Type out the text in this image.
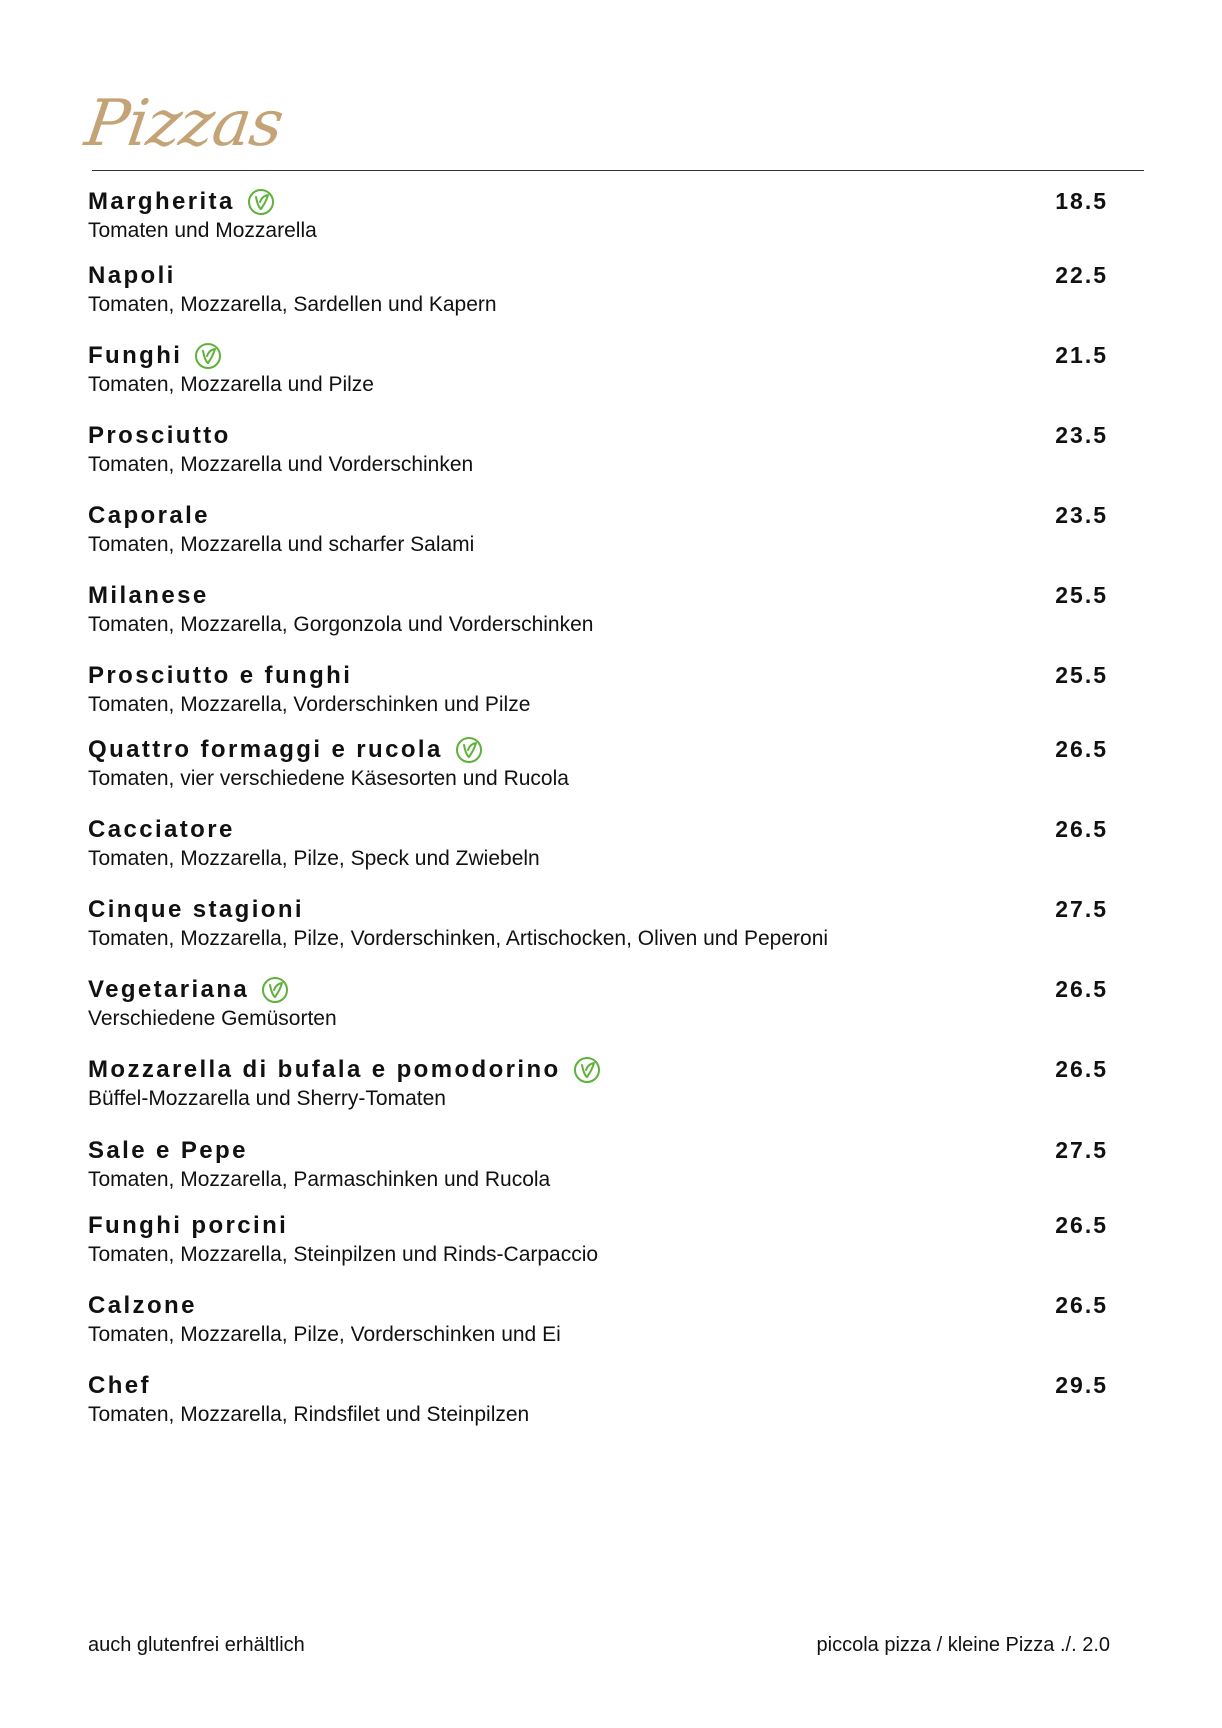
Pizzas
Margherita
Tomaten und Mozzarella
18.5
Napoli
Tomaten, Mozzarella, Sardellen und Kapern
22.5
Funghi
Tomaten, Mozzarella und Pilze
21.5
Prosciutto
Tomaten, Mozzarella und Vorderschinken
23.5
Caporale
Tomaten, Mozzarella und scharfer Salami
23.5
Milanese
Tomaten, Mozzarella, Gorgonzola und Vorderschinken
25.5
Prosciutto e funghi
Tomaten, Mozzarella, Vorderschinken und Pilze
25.5
Quattro formaggi e rucola
Tomaten, vier verschiedene Käsesorten und Rucola
26.5
Cacciatore
Tomaten, Mozzarella, Pilze, Speck und Zwiebeln
26.5
Cinque stagioni
Tomaten, Mozzarella, Pilze, Vorderschinken, Artischocken, Oliven und Peperoni
27.5
Vegetariana
Verschiedene Gemüsorten
26.5
Mozzarella di bufala e pomodorino
Büffel-Mozzarella und Sherry-Tomaten
26.5
Sale e Pepe
Tomaten, Mozzarella, Parmaschinken und Rucola
27.5
Funghi porcini
Tomaten, Mozzarella, Steinpilzen und Rinds-Carpaccio
26.5
Calzone
Tomaten, Mozzarella, Pilze, Vorderschinken und Ei
26.5
Chef
Tomaten, Mozzarella, Rindsfilet und Steinpilzen
29.5
auch glutenfrei erhältlich	piccola pizza / kleine Pizza ./. 2.0
